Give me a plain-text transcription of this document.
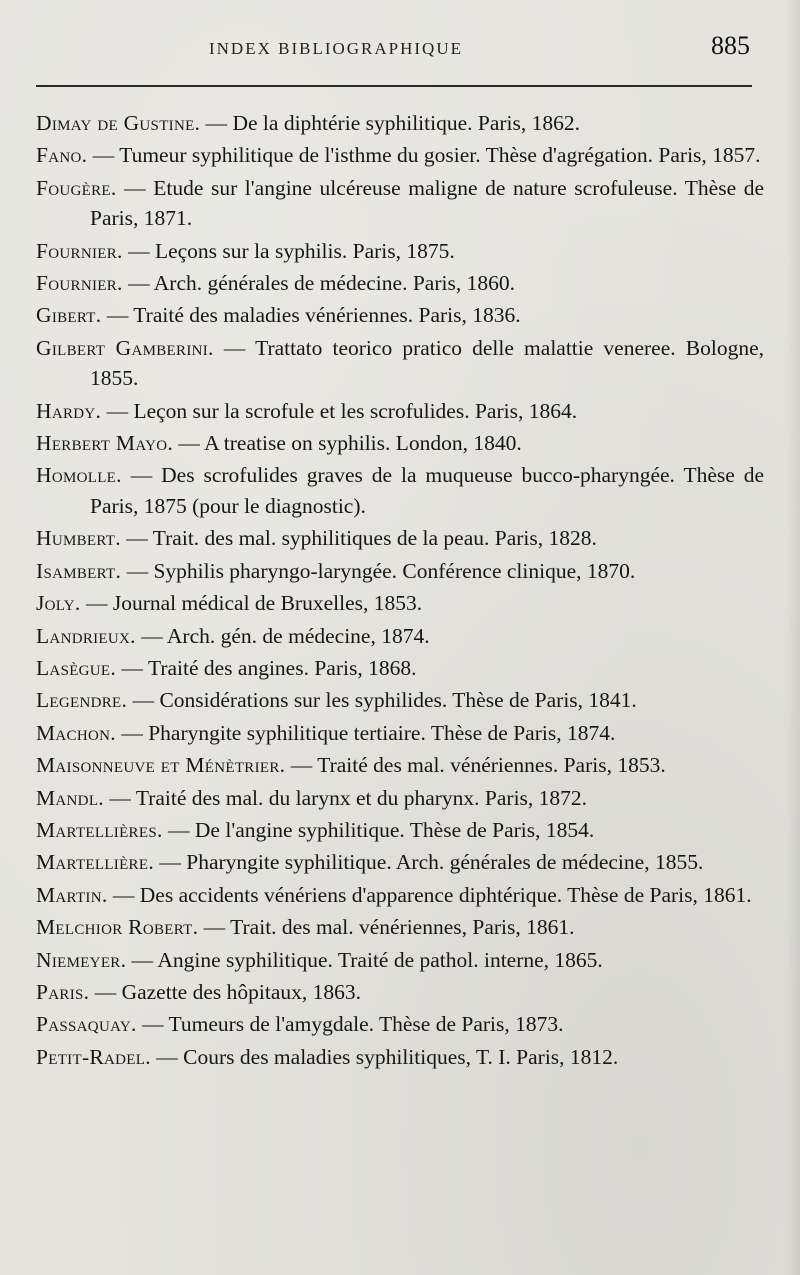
INDEX BIBLIOGRAPHIQUE	885

Dimay de Gustine. — De la diphtérie syphilitique. Paris, 1862.

Fano. — Tumeur syphilitique de l'isthme du gosier. Thèse d'agrégation. Paris, 1857.

Fougère. — Etude sur l'angine ulcéreuse maligne de nature scrofuleuse. Thèse de Paris, 1871.

Fournier. — Leçons sur la syphilis. Paris, 1875.

Fournier. — Arch. générales de médecine. Paris, 1860.

Gibert. — Traité des maladies vénériennes. Paris, 1836.

Gilbert Gamberini. — Trattato teorico pratico delle malattie veneree. Bologne, 1855.

Hardy. — Leçon sur la scrofule et les scrofulides. Paris, 1864.

Herbert Mayo. — A treatise on syphilis. London, 1840.

Homolle. — Des scrofulides graves de la muqueuse bucco-pharyngée. Thèse de Paris, 1875 (pour le diagnostic).

Humbert. — Trait. des mal. syphilitiques de la peau. Paris, 1828.

Isambert. — Syphilis pharyngo-laryngée. Conférence clinique, 1870.

Joly. — Journal médical de Bruxelles, 1853.

Landrieux. — Arch. gén. de médecine, 1874.

Lasègue. — Traité des angines. Paris, 1868.

Legendre. — Considérations sur les syphilides. Thèse de Paris, 1841.

Machon. — Pharyngite syphilitique tertiaire. Thèse de Paris, 1874.

Maisonneuve et Ménètrier. — Traité des mal. vénériennes. Paris, 1853.

Mandl. — Traité des mal. du larynx et du pharynx. Paris, 1872.

Martellières. — De l'angine syphilitique. Thèse de Paris, 1854.

Martellière. — Pharyngite syphilitique. Arch. générales de médecine, 1855.

Martin. — Des accidents vénériens d'apparence diphtérique. Thèse de Paris, 1861.

Melchior Robert. — Trait. des mal. vénériennes, Paris, 1861.

Niemeyer. — Angine syphilitique. Traité de pathol. interne, 1865.

Paris. — Gazette des hôpitaux, 1863.

Passaquay. — Tumeurs de l'amygdale. Thèse de Paris, 1873.

Petit-Radel. — Cours des maladies syphilitiques, T. I. Paris, 1812.
